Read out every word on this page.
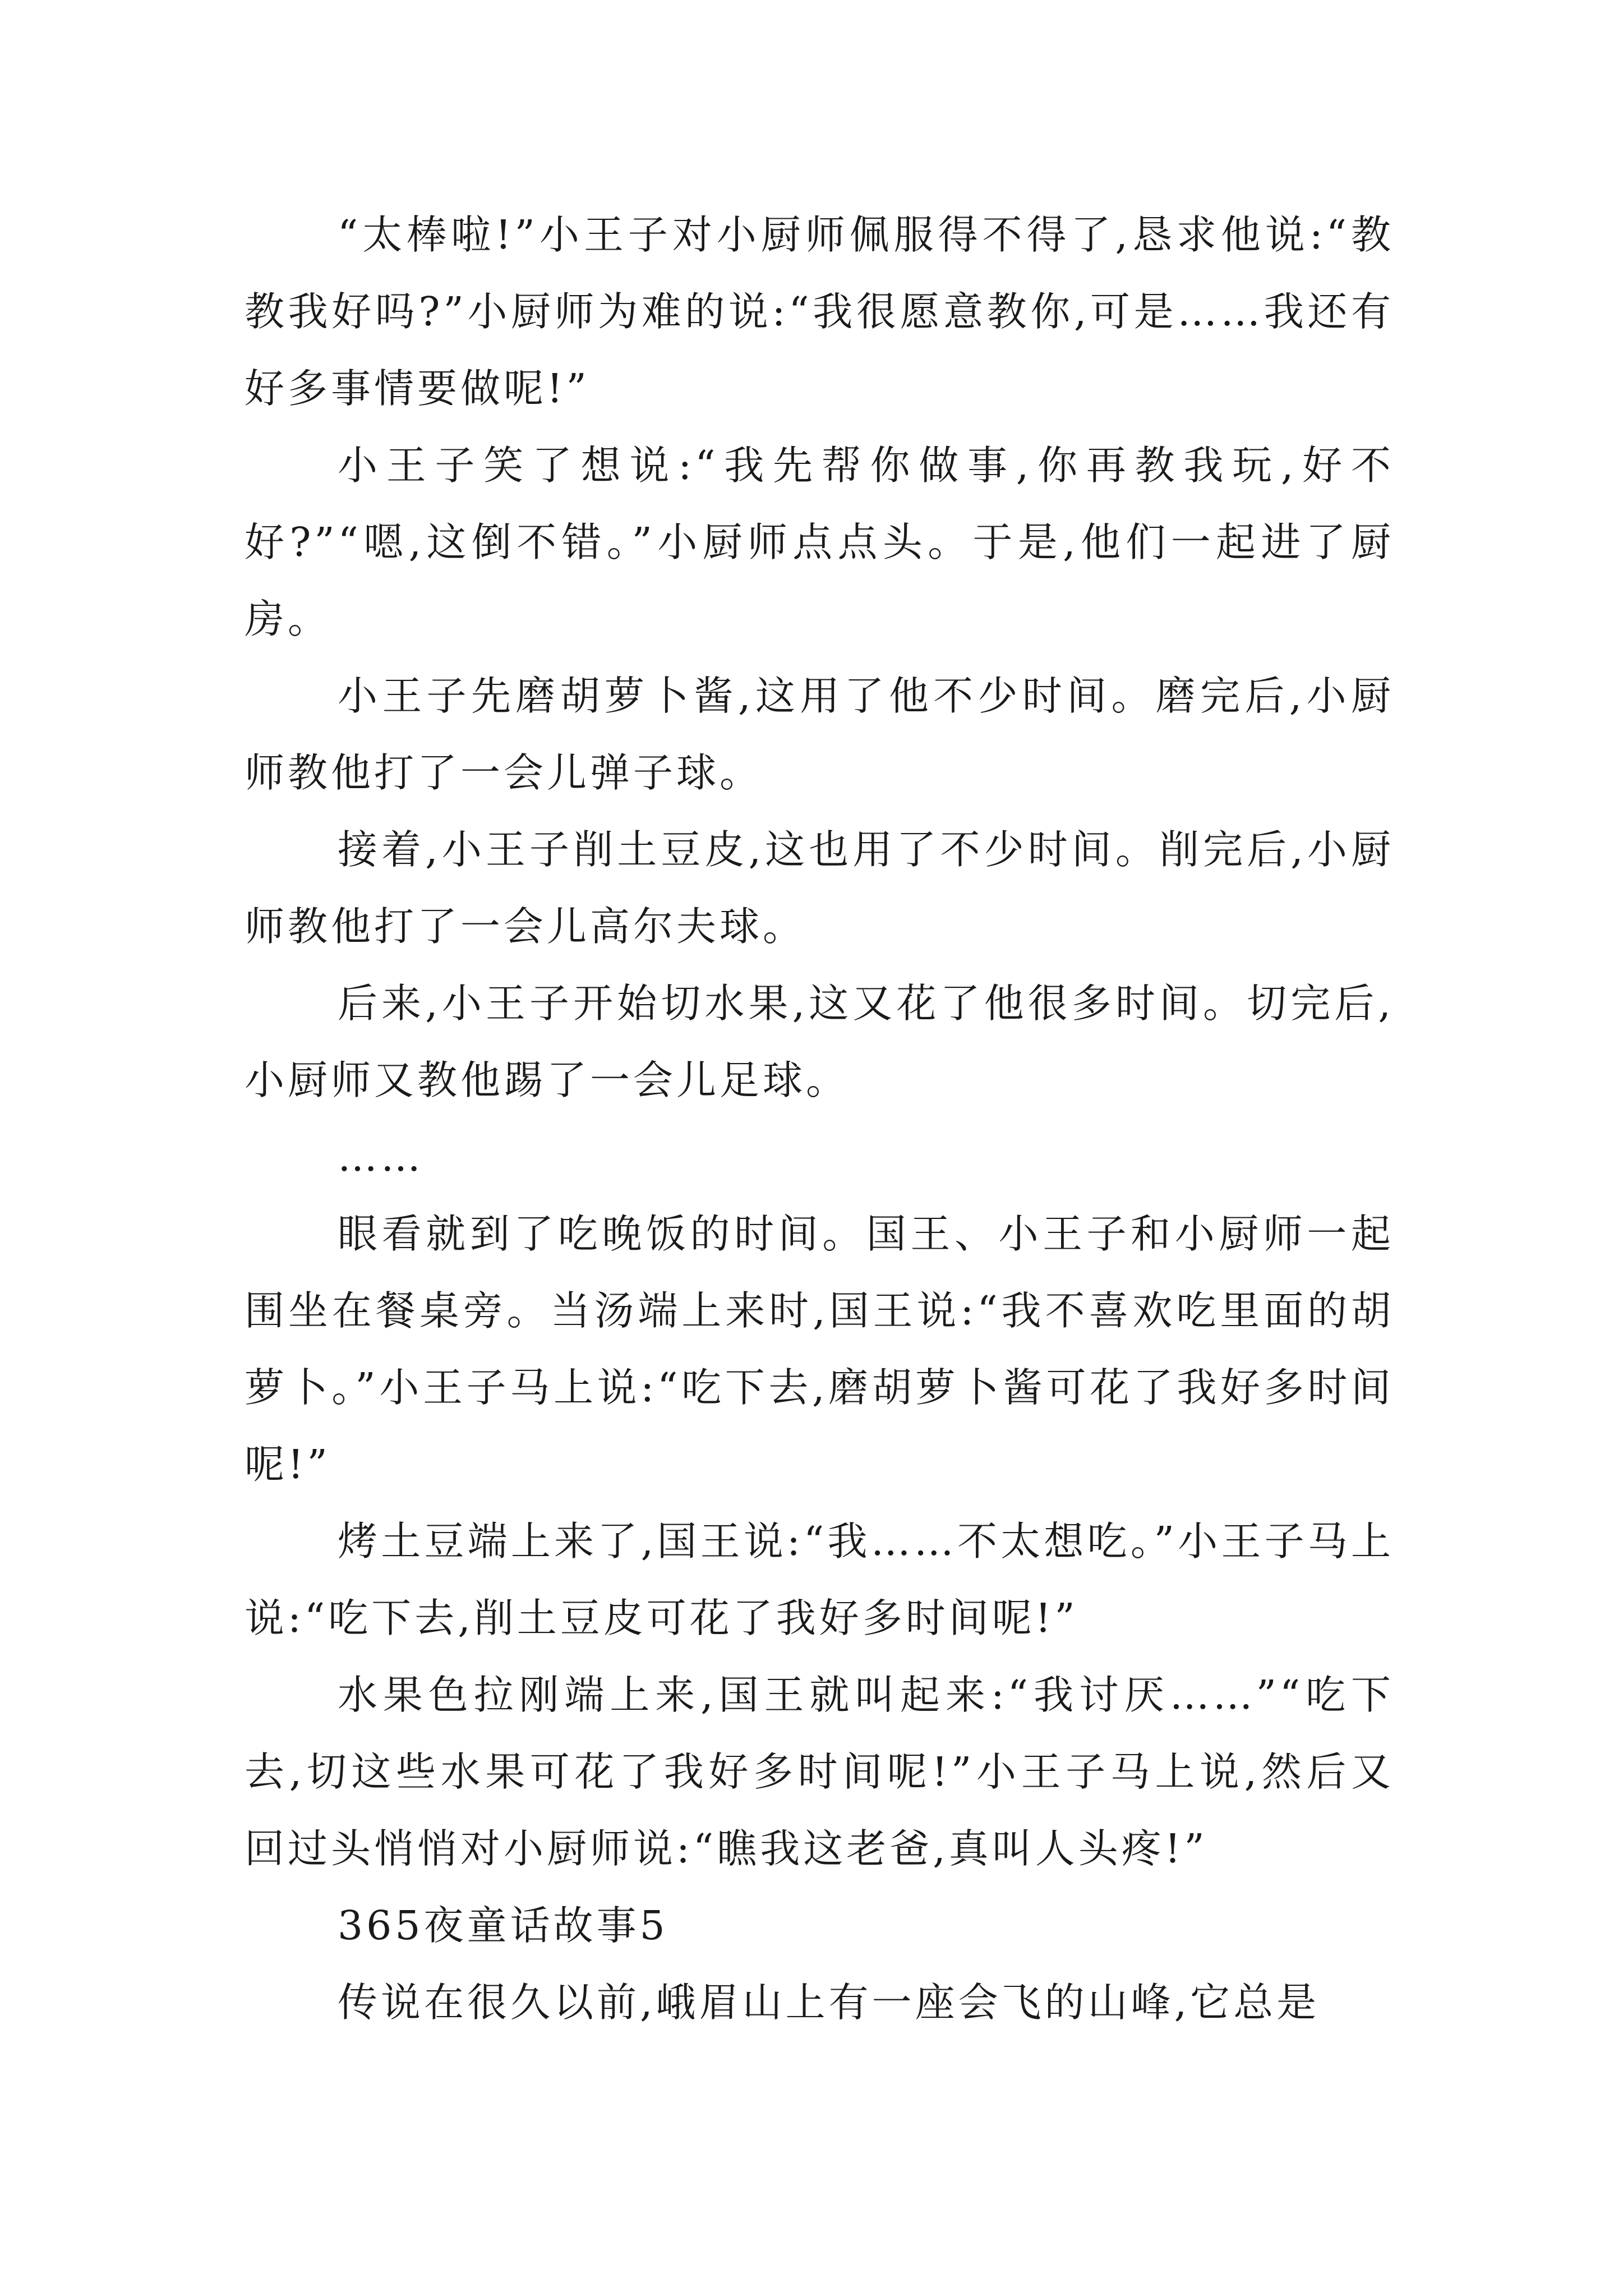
“太棒啦!”小王子对小厨师佩服得不得了,恳求他说:“教教我好吗?”小厨师为难的说:“我很愿意教你,可是……我还有好多事情要做呢!”

小王子笑了想说:“我先帮你做事,你再教我玩,好不好?”“嗯,这倒不错。”小厨师点点头。于是,他们一起进了厨房。

小王子先磨胡萝卜酱,这用了他不少时间。磨完后,小厨师教他打了一会儿弹子球。

接着,小王子削土豆皮,这也用了不少时间。削完后,小厨师教他打了一会儿高尔夫球。

后来,小王子开始切水果,这又花了他很多时间。切完后,小厨师又教他踢了一会儿足球。

……

眼看就到了吃晚饭的时间。国王、小王子和小厨师一起围坐在餐桌旁。当汤端上来时,国王说:“我不喜欢吃里面的胡萝卜。”小王子马上说:“吃下去,磨胡萝卜酱可花了我好多时间呢!”

烤土豆端上来了,国王说:“我……不太想吃。”小王子马上说:“吃下去,削土豆皮可花了我好多时间呢!”

水果色拉刚端上来,国王就叫起来:“我讨厌……”“吃下去,切这些水果可花了我好多时间呢!”小王子马上说,然后又回过头悄悄对小厨师说:“瞧我这老爸,真叫人头疼!”

365夜童话故事5

传说在很久以前,峨眉山上有一座会飞的山峰,它总是
